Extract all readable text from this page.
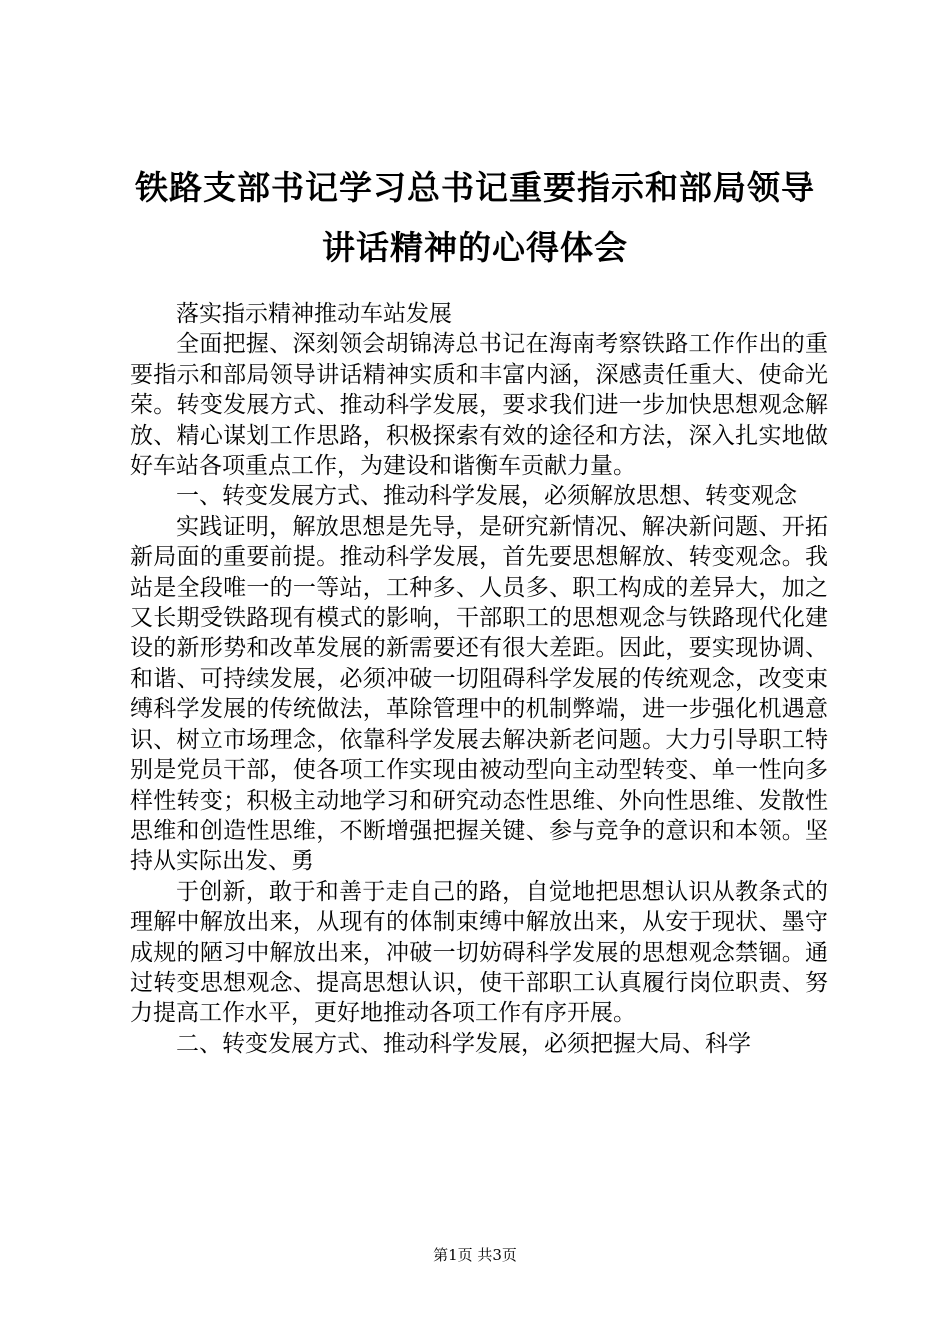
铁路支部书记学习总书记重要指示和部局领导
讲话精神的心得体会

落实指示精神推动车站发展

全面把握、深刻领会胡锦涛总书记在海南考察铁路工作作出的重要指示和部局领导讲话精神实质和丰富内涵，深感责任重大、使命光荣。转变发展方式、推动科学发展，要求我们进一步加快思想观念解放、精心谋划工作思路，积极探索有效的途径和方法，深入扎实地做好车站各项重点工作，为建设和谐衡车贡献力量。

一、转变发展方式、推动科学发展，必须解放思想、转变观念

实践证明，解放思想是先导，是研究新情况、解决新问题、开拓新局面的重要前提。推动科学发展，首先要思想解放、转变观念。我站是全段唯一的一等站，工种多、人员多、职工构成的差异大，加之又长期受铁路现有模式的影响，干部职工的思想观念与铁路现代化建设的新形势和改革发展的新需要还有很大差距。因此，要实现协调、和谐、可持续发展，必须冲破一切阻碍科学发展的传统观念，改变束缚科学发展的传统做法，革除管理中的机制弊端，进一步强化机遇意识、树立市场理念，依靠科学发展去解决新老问题。大力引导职工特别是党员干部，使各项工作实现由被动型向主动型转变、单一性向多样性转变；积极主动地学习和研究动态性思维、外向性思维、发散性思维和创造性思维，不断增强把握关键、参与竞争的意识和本领。坚持从实际出发、勇

于创新，敢于和善于走自己的路，自觉地把思想认识从教条式的理解中解放出来，从现有的体制束缚中解放出来，从安于现状、墨守成规的陋习中解放出来，冲破一切妨碍科学发展的思想观念禁锢。通过转变思想观念、提高思想认识，使干部职工认真履行岗位职责、努力提高工作水平，更好地推动各项工作有序开展。

二、转变发展方式、推动科学发展，必须把握大局、科学

第1页 共3页
